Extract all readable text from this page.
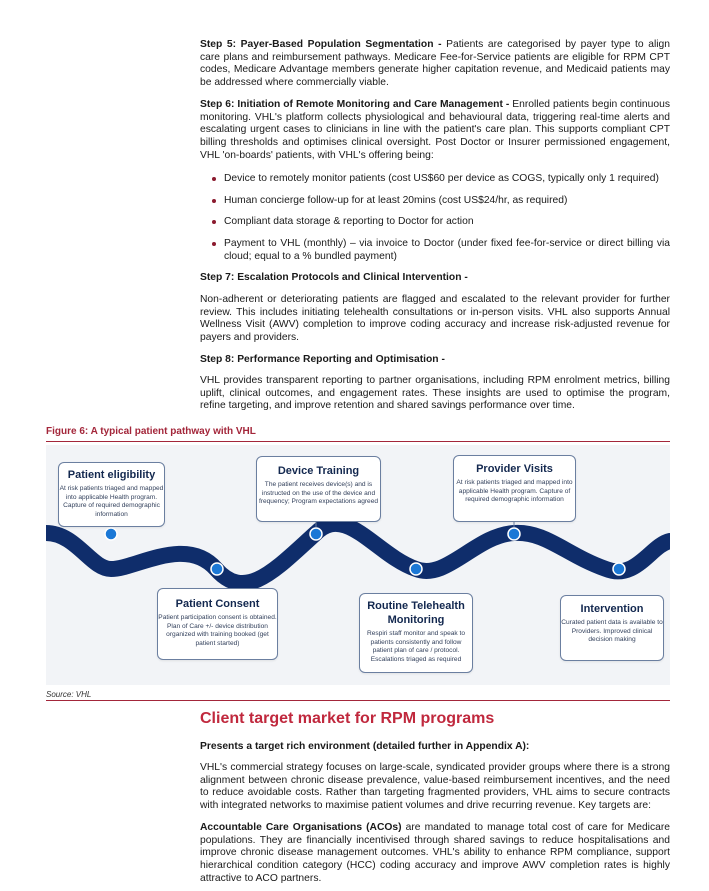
Step 5: Payer-Based Population Segmentation - Patients are categorised by payer type to align care plans and reimbursement pathways. Medicare Fee-for-Service patients are eligible for RPM CPT codes, Medicare Advantage members generate higher capitation revenue, and Medicaid patients may be addressed where commercially viable.

Step 6: Initiation of Remote Monitoring and Care Management - Enrolled patients begin continuous monitoring. VHL's platform collects physiological and behavioural data, triggering real-time alerts and escalating urgent cases to clinicians in line with the patient's care plan. This supports compliant CPT billing thresholds and optimises clinical oversight. Post Doctor or Insurer permissioned engagement, VHL 'on-boards' patients, with VHL's offering being:

Device to remotely monitor patients (cost US$60 per device as COGS, typically only 1 required)
Human concierge follow-up for at least 20mins (cost US$24/hr, as required)
Compliant data storage & reporting to Doctor for action
Payment to VHL (monthly) – via invoice to Doctor (under fixed fee-for-service or direct billing via cloud; equal to a % bundled payment)

Step 7: Escalation Protocols and Clinical Intervention -

Non-adherent or deteriorating patients are flagged and escalated to the relevant provider for further review. This includes initiating telehealth consultations or in-person visits. VHL also supports Annual Wellness Visit (AWV) completion to improve coding accuracy and increase risk-adjusted revenue for payers and providers.

Step 8: Performance Reporting and Optimisation -

VHL provides transparent reporting to partner organisations, including RPM enrolment metrics, billing uplift, clinical outcomes, and engagement rates. These insights are used to optimise the program, refine targeting, and improve retention and shared savings performance over time.

Figure 6: A typical patient pathway with VHL
Patient eligibility
At risk patients triaged and mapped into applicable Health program. Capture of required demographic information
Device Training
The patient receives device(s) and is instructed on the use of the device and frequency; Program expectations agreed
Provider Visits
At risk patients triaged and mapped into applicable Health program. Capture of required demographic information
Patient Consent
Patient participation consent is obtained. Plan of Care +/- device distribution organized with training booked (get patient started)
Routine Telehealth Monitoring
Respiri staff monitor and speak to patients consistently and follow patient plan of care / protocol. Escalations triaged as required
Intervention
Curated patient data is available to Providers. Improved clinical decision making
Source: VHL
Client target market for RPM programs

Presents a target rich environment (detailed further in Appendix A):

VHL's commercial strategy focuses on large-scale, syndicated provider groups where there is a strong alignment between chronic disease prevalence, value-based reimbursement incentives, and the need to reduce avoidable costs. Rather than targeting fragmented providers, VHL aims to secure contracts with integrated networks to maximise patient volumes and drive recurring revenue. Key targets are:

Accountable Care Organisations (ACOs) are mandated to manage total cost of care for Medicare populations. They are financially incentivised through shared savings to reduce hospitalisations and improve chronic disease management outcomes. VHL's ability to enhance RPM compliance, support hierarchical condition category (HCC) coding accuracy and improve AWV completion rates is highly attractive to ACO partners.
